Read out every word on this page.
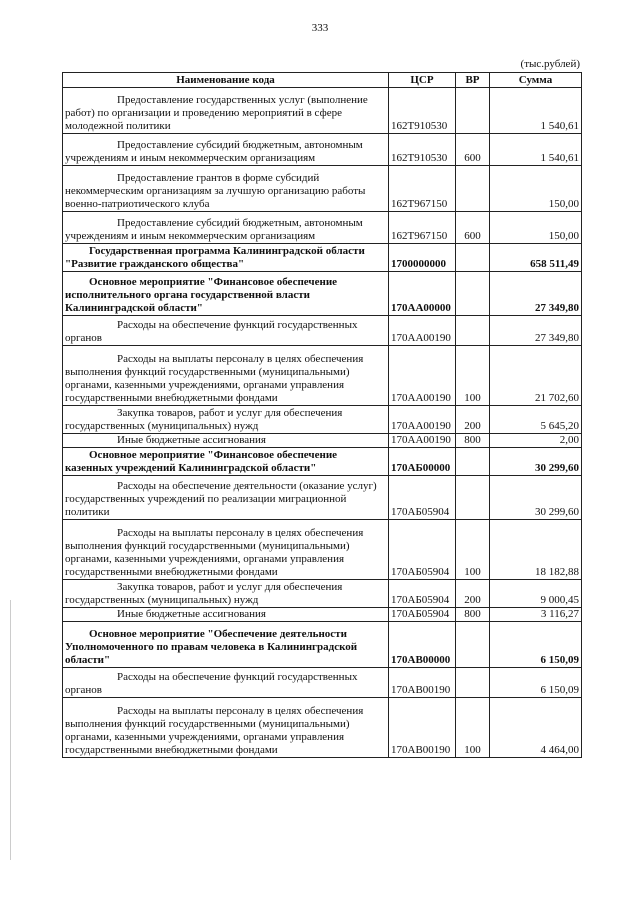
333
(тыс.рублей)
Наименование кода	ЦСР	ВР	Сумма
Предоставление государственных услуг (выполнение работ) по организации и проведению мероприятий в сфере молодежной политики	162Т910530		1 540,61
Предоставление субсидий бюджетным, автономным учреждениям и иным некоммерческим организациям	162Т910530	600	1 540,61
Предоставление грантов в форме субсидий некоммерческим организациям за лучшую организацию работы военно-патриотического клуба	162Т967150		150,00
Предоставление субсидий бюджетным, автономным учреждениям и иным некоммерческим организациям	162Т967150	600	150,00
Государственная программа Калининградской области "Развитие гражданского общества"	1700000000		658 511,49
Основное мероприятие "Финансовое обеспечение исполнительного органа государственной власти Калининградской области"	170АА00000		27 349,80
Расходы на обеспечение функций государственных органов	170АА00190		27 349,80
Расходы на выплаты персоналу в целях обеспечения выполнения функций государственными (муниципальными) органами, казенными учреждениями, органами управления государственными внебюджетными фондами	170АА00190	100	21 702,60
Закупка товаров, работ и услуг для обеспечения государственных (муниципальных) нужд	170АА00190	200	5 645,20
Иные бюджетные ассигнования	170АА00190	800	2,00
Основное мероприятие "Финансовое обеспечение казенных учреждений Калининградской области"	170АБ00000		30 299,60
Расходы на обеспечение деятельности (оказание услуг) государственных учреждений по реализации миграционной политики	170АБ05904		30 299,60
Расходы на выплаты персоналу в целях обеспечения выполнения функций государственными (муниципальными) органами, казенными учреждениями, органами управления государственными внебюджетными фондами	170АБ05904	100	18 182,88
Закупка товаров, работ и услуг для обеспечения государственных (муниципальных) нужд	170АБ05904	200	9 000,45
Иные бюджетные ассигнования	170АБ05904	800	3 116,27
Основное мероприятие "Обеспечение деятельности Уполномоченного по правам человека в Калининградской области"	170АВ00000		6 150,09
Расходы на обеспечение функций государственных органов	170АВ00190		6 150,09
Расходы на выплаты персоналу в целях обеспечения выполнения функций государственными (муниципальными) органами, казенными учреждениями, органами управления государственными внебюджетными фондами	170АВ00190	100	4 464,00
